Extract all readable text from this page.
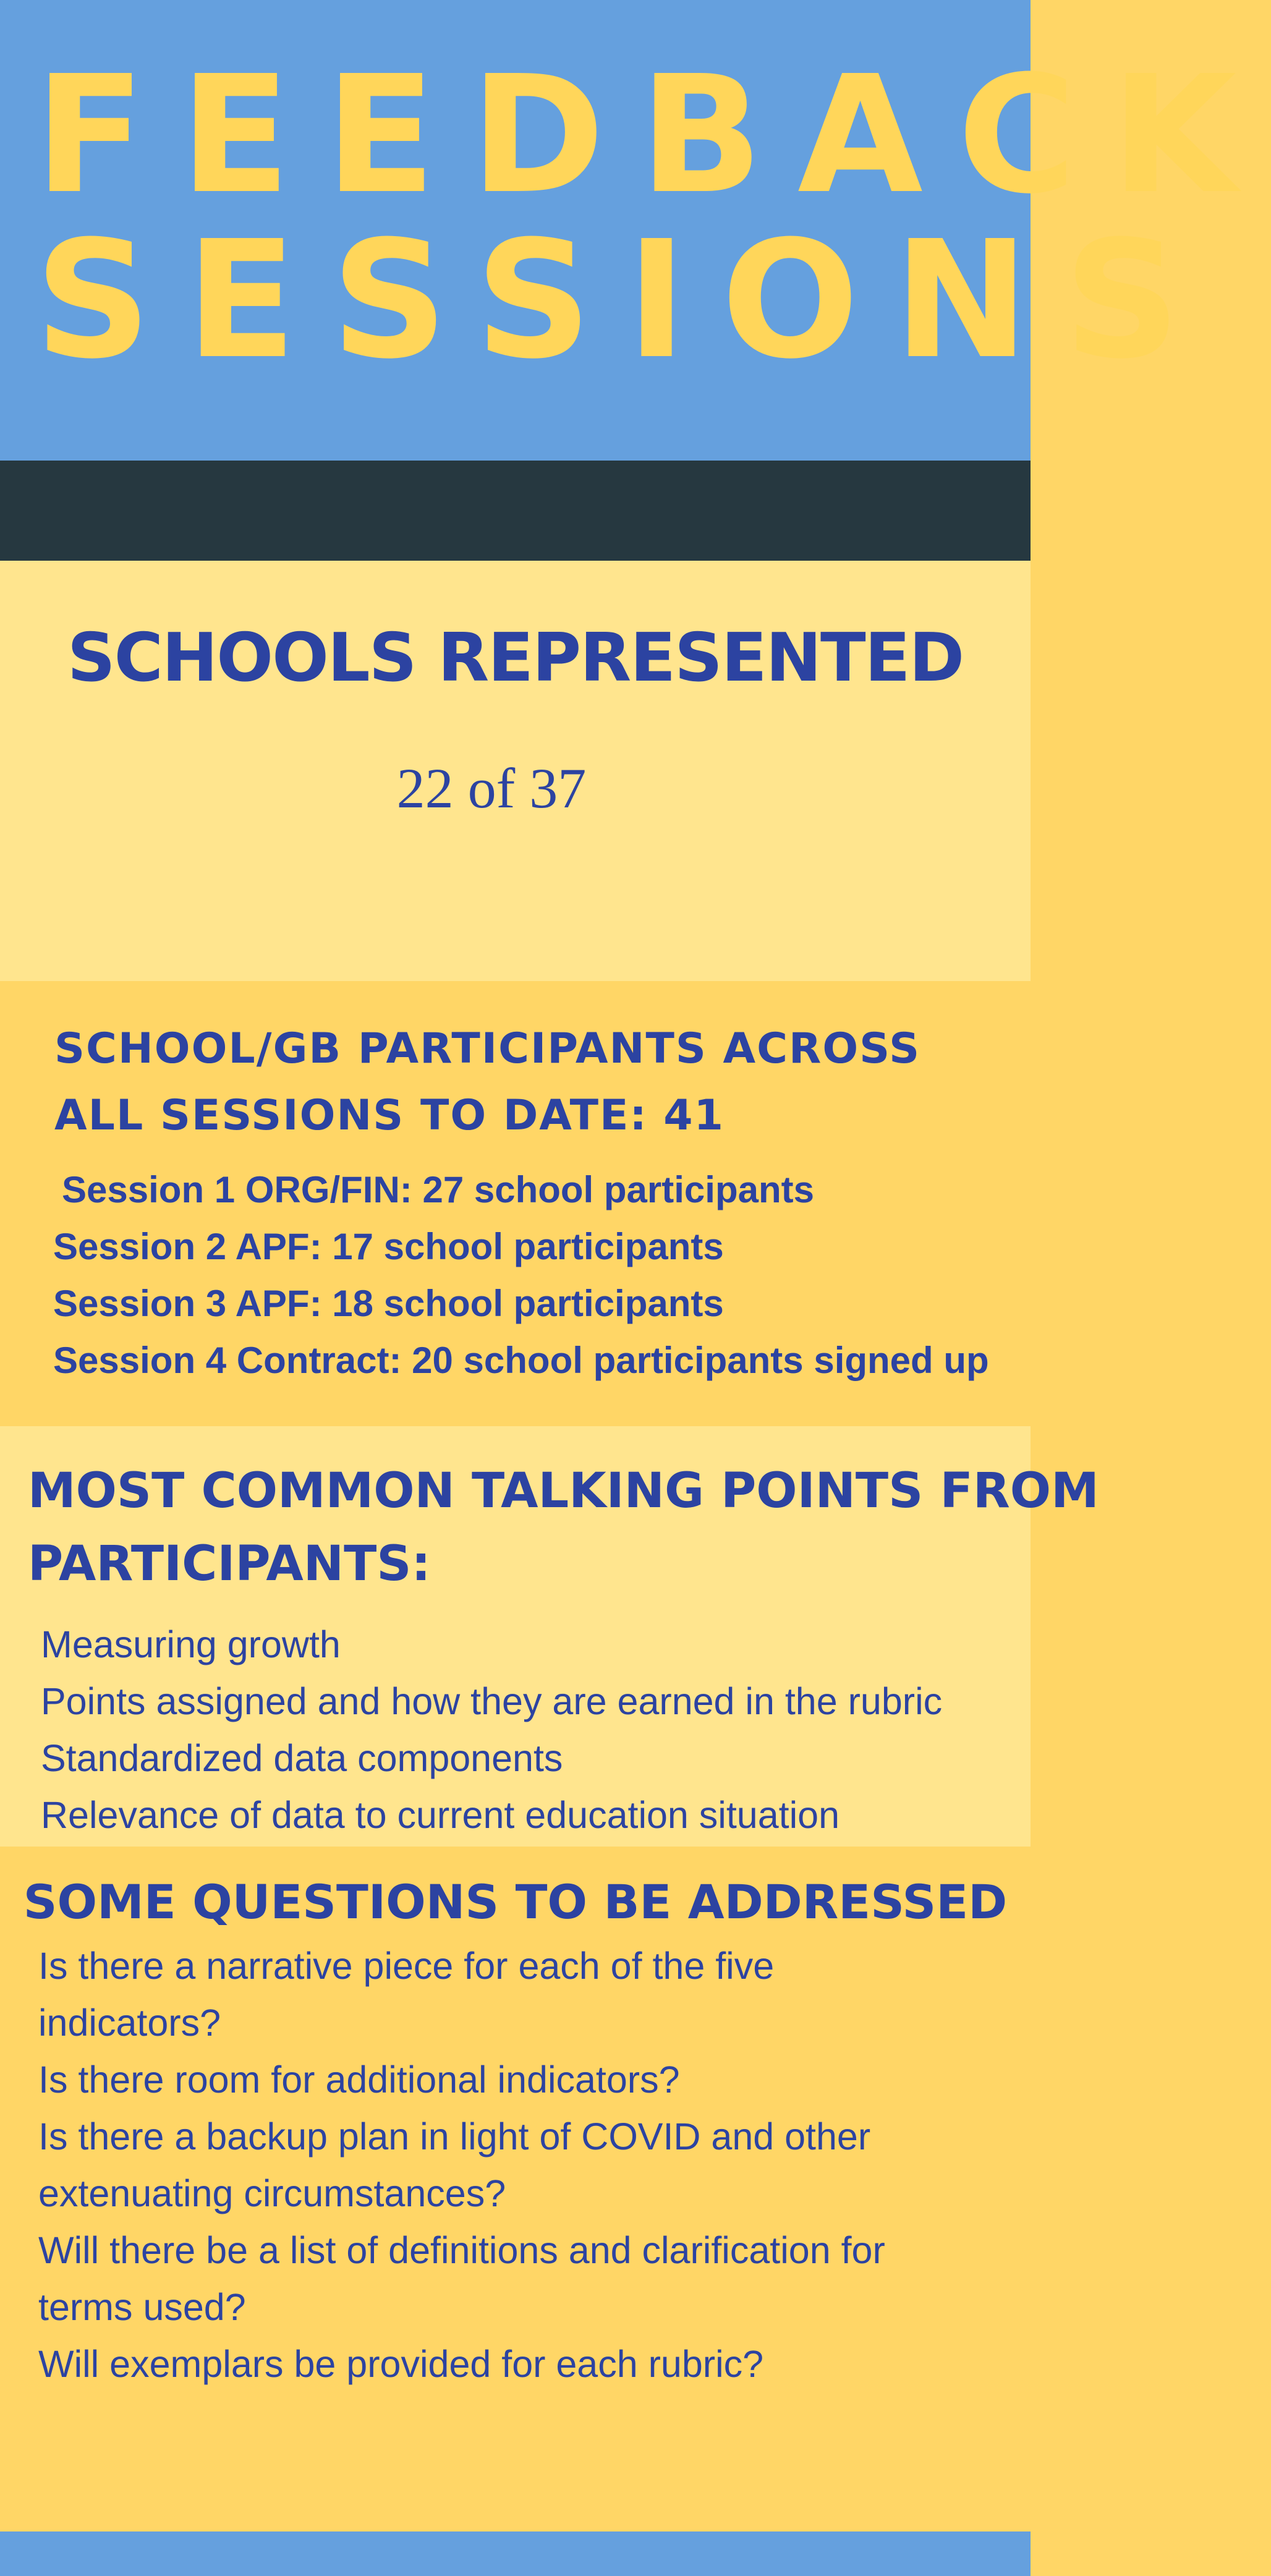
FEEDBACK
SESSIONS
SCHOOLS REPRESENTED
22 of 37
SCHOOL/GB PARTICIPANTS ACROSS
ALL SESSIONS TO DATE: 41
Session 1 ORG/FIN: 27 school participants
Session 2 APF: 17 school participants
Session 3 APF: 18 school participants
Session 4 Contract: 20 school participants signed up
MOST COMMON TALKING POINTS FROM
PARTICIPANTS:
Measuring growth
Points assigned and how they are earned in the rubric
Standardized data components
Relevance of data to current education situation
SOME QUESTIONS TO BE ADDRESSED
Is there a narrative piece for each of the five
indicators?
Is there room for additional indicators?
Is there a backup plan in light of COVID and other
extenuating circumstances?
Will there be a list of definitions and clarification for
terms used?
Will exemplars be provided for each rubric?
